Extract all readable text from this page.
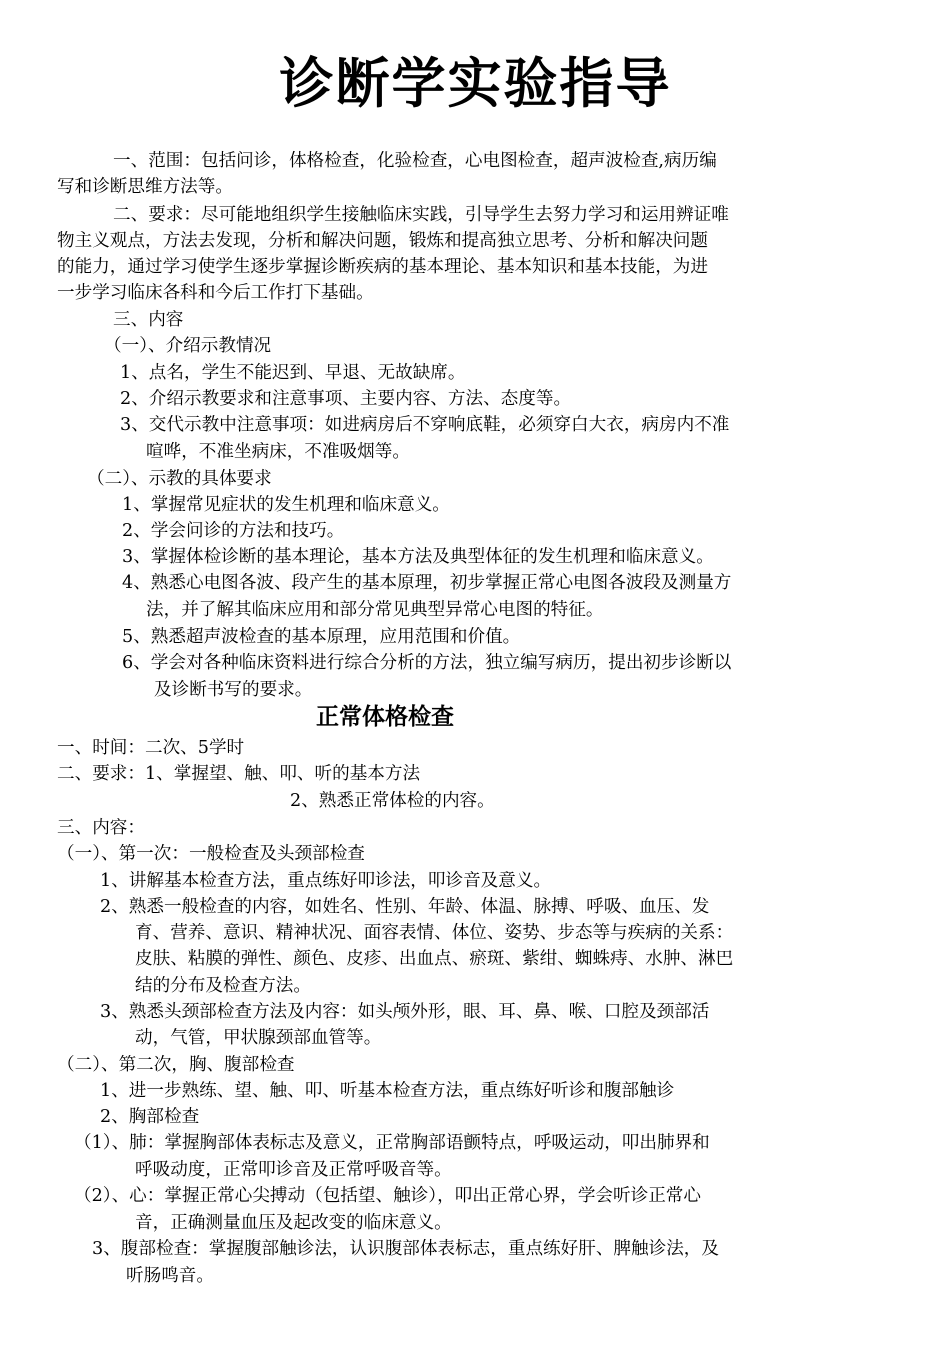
诊断学实验指导

一、范围：包括问诊，体格检查，化验检查，心电图检查，超声波检查,病历编

写和诊断思维方法等。

二、要求：尽可能地组织学生接触临床实践，引导学生去努力学习和运用辨证唯

物主义观点，方法去发现，分析和解决问题，锻炼和提高独立思考、分析和解决问题

的能力，通过学习使学生逐步掌握诊断疾病的基本理论、基本知识和基本技能，为进

一步学习临床各科和今后工作打下基础。

三、内容

（一）、介绍示教情况

1、点名，学生不能迟到、早退、无故缺席。

2、介绍示教要求和注意事项、主要内容、方法、态度等。

3、交代示教中注意事项：如进病房后不穿响底鞋，必须穿白大衣，病房内不准

喧哗，不准坐病床，不准吸烟等。

（二）、示教的具体要求

1、掌握常见症状的发生机理和临床意义。

2、学会问诊的方法和技巧。

3、掌握体检诊断的基本理论，基本方法及典型体征的发生机理和临床意义。

4、熟悉心电图各波、段产生的基本原理，初步掌握正常心电图各波段及测量方

法，并了解其临床应用和部分常见典型异常心电图的特征。

5、熟悉超声波检查的基本原理，应用范围和价值。

6、学会对各种临床资料进行综合分析的方法，独立编写病历，提出初步诊断以

及诊断书写的要求。

正常体格检查

一、时间：二次、5学时

二、要求：1、掌握望、触、叩、听的基本方法

2、熟悉正常体检的内容。

三、内容：

（一）、第一次：一般检查及头颈部检查

1、讲解基本检查方法，重点练好叩诊法，叩诊音及意义。

2、熟悉一般检查的内容，如姓名、性别、年龄、体温、脉搏、呼吸、血压、发

育、营养、意识、精神状况、面容表情、体位、姿势、步态等与疾病的关系：

皮肤、粘膜的弹性、颜色、皮疹、出血点、瘀斑、紫绀、蜘蛛痔、水肿、淋巴

结的分布及检查方法。

3、熟悉头颈部检查方法及内容：如头颅外形，眼、耳、鼻、喉、口腔及颈部活

动，气管，甲状腺颈部血管等。

（二）、第二次，胸、腹部检查

1、进一步熟练、望、触、叩、听基本检查方法，重点练好听诊和腹部触诊

2、胸部检查

（1）、肺：掌握胸部体表标志及意义，正常胸部语颤特点，呼吸运动，叩出肺界和

呼吸动度，正常叩诊音及正常呼吸音等。

（2）、心：掌握正常心尖搏动（包括望、触诊），叩出正常心界，学会听诊正常心

音，正确测量血压及起改变的临床意义。

3、腹部检查：掌握腹部触诊法，认识腹部体表标志，重点练好肝、脾触诊法，及

听肠鸣音。
